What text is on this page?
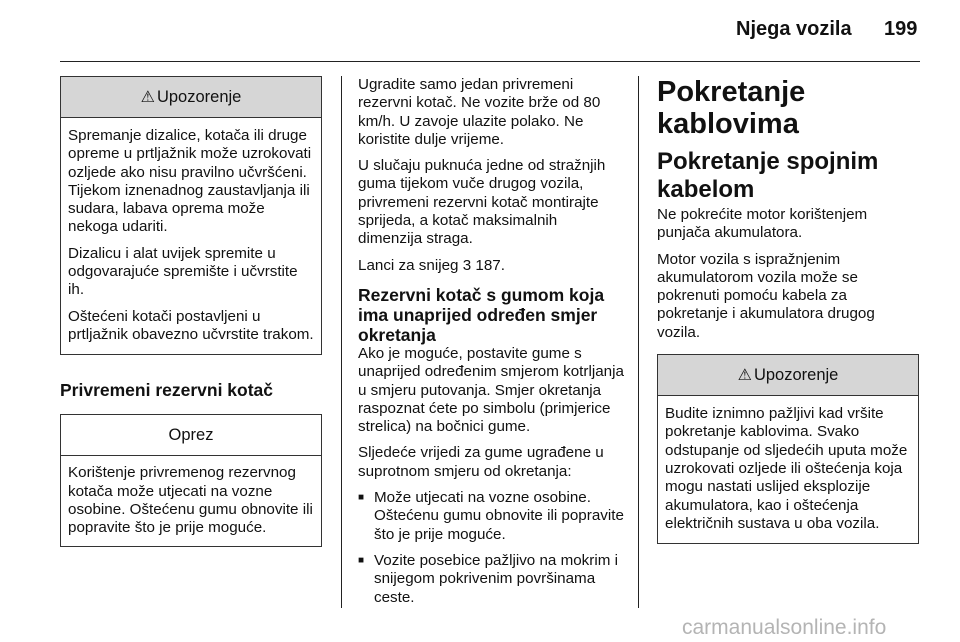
Njega vozila 199
⚠ Upozorenje

Spremanje dizalice, kotača ili druge opreme u prtljažnik može uzrokovati ozljede ako nisu pravilno učvršćeni. Tijekom iznenadnog zaustavljanja ili sudara, labava oprema može nekoga udariti.

Dizalicu i alat uvijek spremite u odgovarajuće spremište i učvrstite ih.

Oštećeni kotači postavljeni u prtljažnik obavezno učvrstite trakom.

Privremeni rezervni kotač
Oprez

Korištenje privremenog rezervnog kotača može utjecati na vozne osobine. Oštećenu gumu obnovite ili popravite što je prije moguće.

Ugradite samo jedan privremeni rezervni kotač. Ne vozite brže od 80 km/h. U zavoje ulazite polako. Ne koristite dulje vrijeme.

U slučaju puknuća jedne od stražnjih guma tijekom vuče drugog vozila, privremeni rezervni kotač montirajte sprijeda, a kotač maksimalnih dimenzija straga.

Lanci za snijeg 3 187.

Rezervni kotač s gumom koja ima unaprijed određen smjer okretanja

Ako je moguće, postavite gume s unaprijed određenim smjerom kotrljanja u smjeru putovanja. Smjer okretanja raspoznat ćete po simbolu (primjerice strelica) na bočnici gume.

Sljedeće vrijedi za gume ugrađene u suprotnom smjeru od okretanja:

■ Može utjecati na vozne osobine. Oštećenu gumu obnovite ili popravite što je prije moguće.
■ Vozite posebice pažljivo na mokrim i snijegom pokrivenim površinama ceste.
Pokretanje kablovima
Pokretanje spojnim kabelom

Ne pokrećite motor korištenjem punjača akumulatora.

Motor vozila s ispražnjenim akumulatorom vozila može se pokrenuti pomoću kabela za pokretanje i akumulatora drugog vozila.

⚠ Upozorenje

Budite iznimno pažljivi kad vršite pokretanje kablovima. Svako odstupanje od sljedećih uputa može uzrokovati ozljede ili oštećenja koja mogu nastati uslijed eksplozije akumulatora, kao i oštećenja električnih sustava u oba vozila.

carmanualsonline.info
